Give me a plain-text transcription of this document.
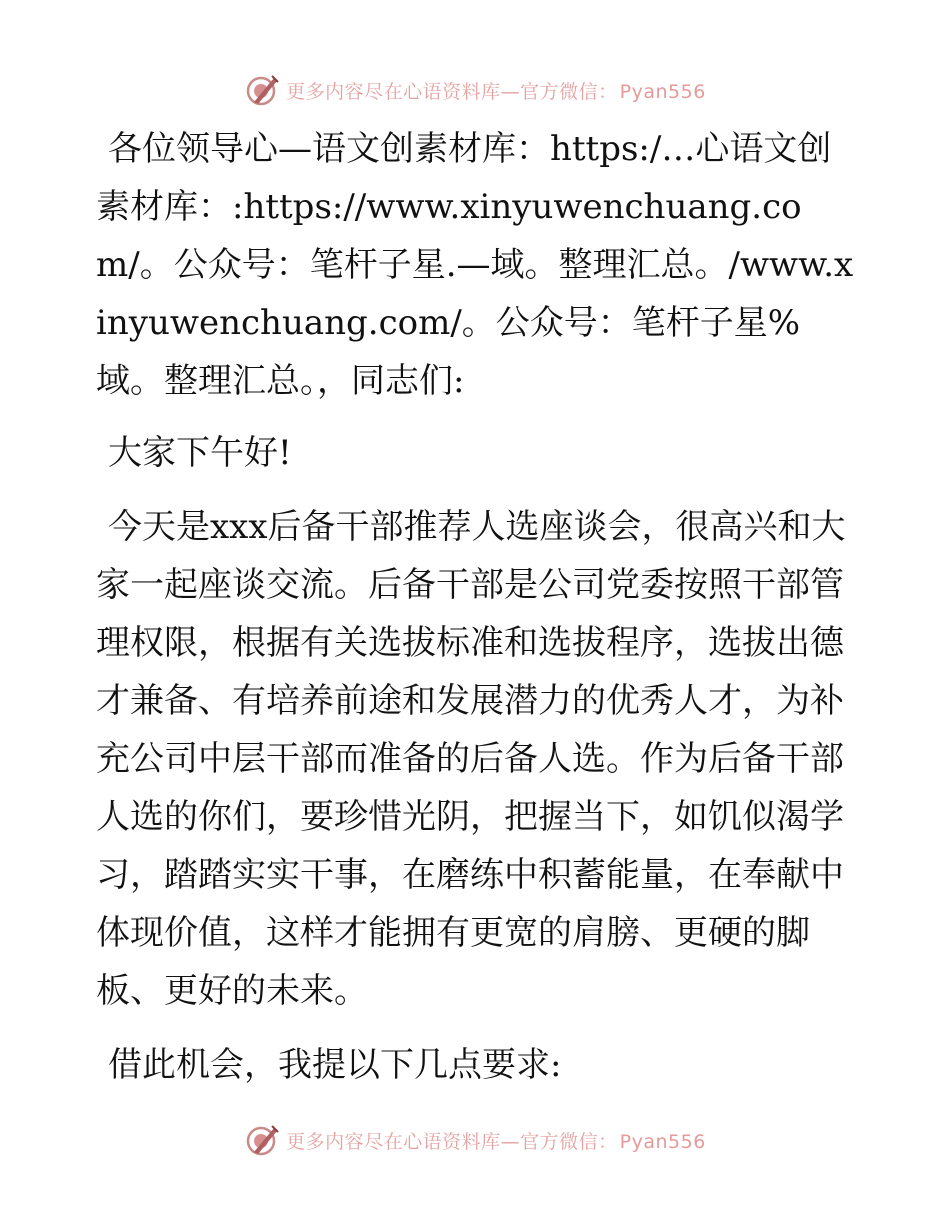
更多内容尽在心语资料库—官方微信： Pyan556

各位领导心—语文创素材库：https:/…心语文创素材库：:https://www.xinyuwenchuang.com/。公众号：笔杆子星.—域。整理汇总。/www.xinyuwenchuang.com/。公众号：笔杆子星%域。整理汇总。，同志们:

大家下午好!

今天是xxx后备干部推荐人选座谈会，很高兴和大家一起座谈交流。后备干部是公司党委按照干部管理权限，根据有关选拔标准和选拔程序，选拔出德才兼备、有培养前途和发展潜力的优秀人才，为补充公司中层干部而准备的后备人选。作为后备干部人选的你们，要珍惜光阴，把握当下，如饥似渴学习，踏踏实实干事，在磨练中积蓄能量，在奉献中体现价值，这样才能拥有更宽的肩膀、更硬的脚板、更好的未来。

借此机会，我提以下几点要求:

更多内容尽在心语资料库—官方微信： Pyan556
